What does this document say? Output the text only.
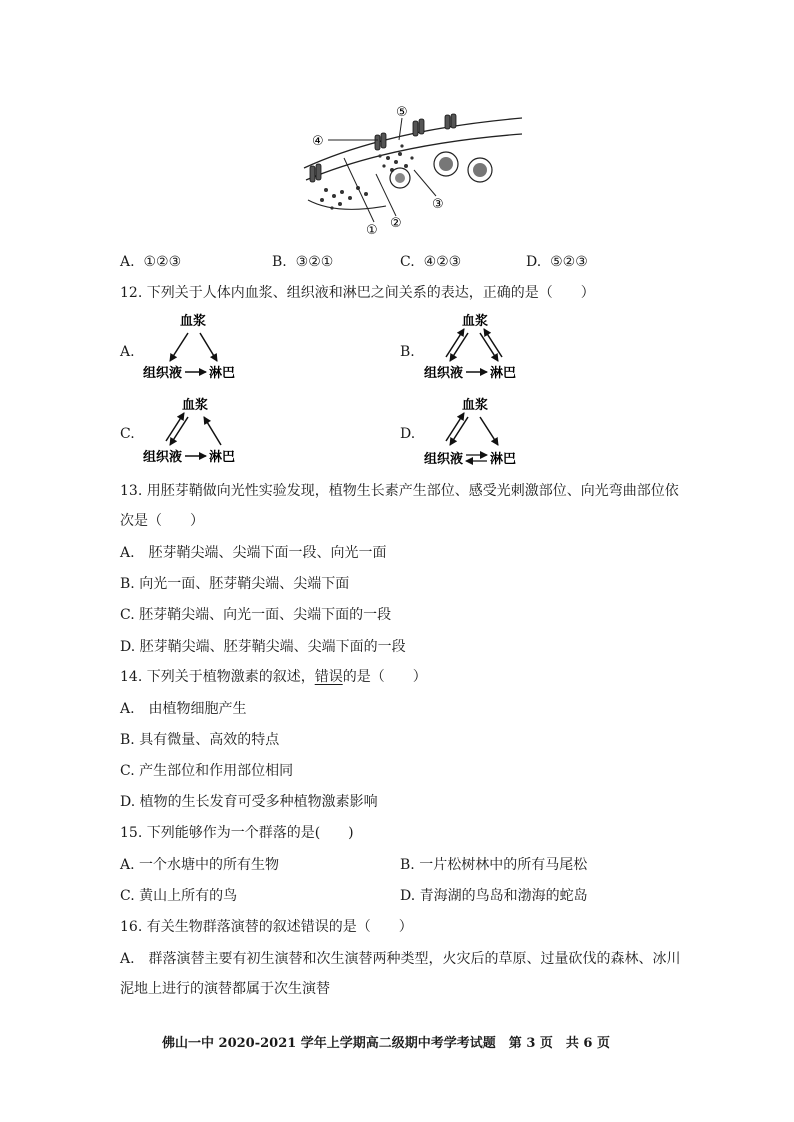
④
⑤
① ②
③
A. ①②③	B. ③②①	C. ④②③	D. ⑤②③
12. 下列关于人体内血浆、组织液和淋巴之间关系的表达，正确的是（　　）
A.	B.
C.	D.
血浆
组织液 淋巴
血浆
组织液 淋巴
血浆
组织液 淋巴
血浆
组织液 淋巴
13. 用胚芽鞘做向光性实验发现，植物生长素产生部位、感受光刺激部位、向光弯曲部位依
次是（　　）
A.　胚芽鞘尖端、尖端下面一段、向光一面
B. 向光一面、胚芽鞘尖端、尖端下面
C. 胚芽鞘尖端、向光一面、尖端下面的一段
D. 胚芽鞘尖端、胚芽鞘尖端、尖端下面的一段
14. 下列关于植物激素的叙述，错误的是（　　）
A.　由植物细胞产生
B. 具有微量、高效的特点
C. 产生部位和作用部位相同
D. 植物的生长发育可受多种植物激素影响
15. 下列能够作为一个群落的是(　　)
A. 一个水塘中的所有生物	B. 一片松树林中的所有马尾松
C. 黄山上所有的鸟	D. 青海湖的鸟岛和渤海的蛇岛
16. 有关生物群落演替的叙述错误的是（　　）
A.　群落演替主要有初生演替和次生演替两种类型，火灾后的草原、过量砍伐的森林、冰川
泥地上进行的演替都属于次生演替
佛山一中 2020-2021 学年上学期高二级期中考学考试题　第 3 页　共 6 页
